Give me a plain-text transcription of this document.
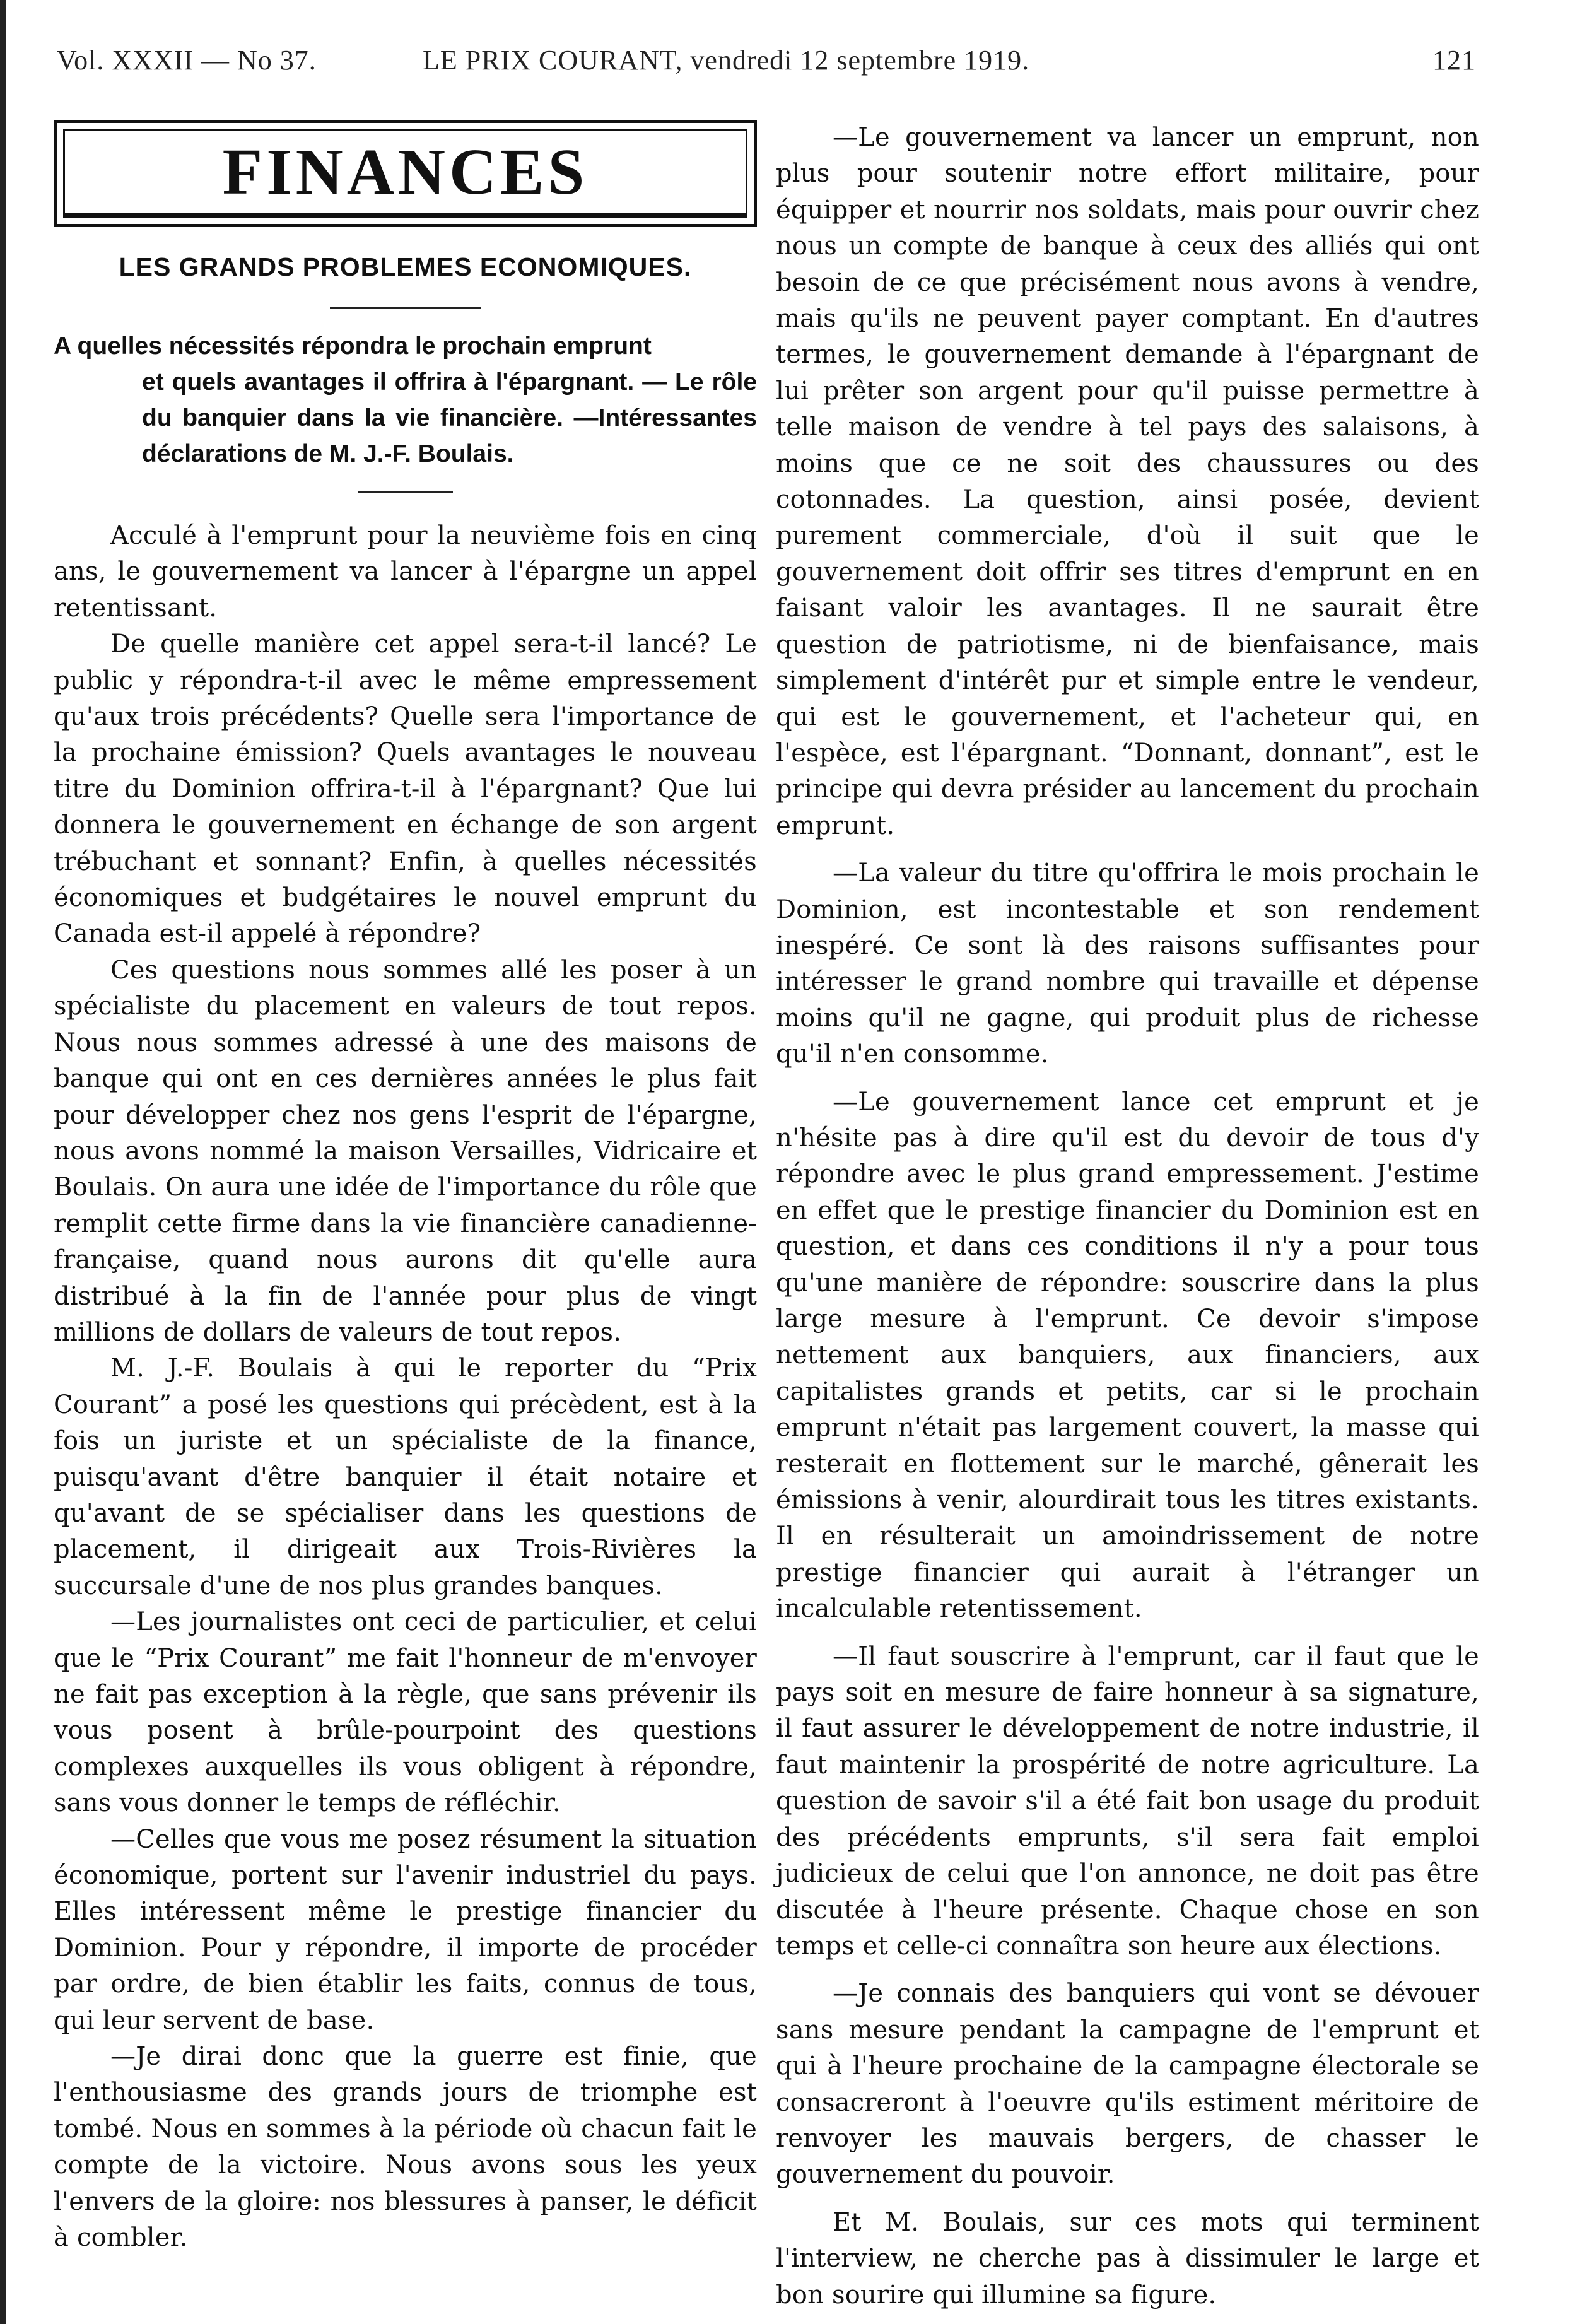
Vol. XXXII — No 37.	LE PRIX COURANT, vendredi 12 septembre 1919.	121
FINANCES
LES GRANDS PROBLEMES ECONOMIQUES.
A quelles nécessités répondra le prochain emprunt
et quels avantages il offrira à l'épargnant. — Le rôle du banquier dans la vie financière. —Intéressantes déclarations de M. J.-F. Boulais.

Acculé à l'emprunt pour la neuvième fois en cinq ans, le gouvernement va lancer à l'épargne un appel retentissant.

De quelle manière cet appel sera-t-il lancé? Le public y répondra-t-il avec le même empressement qu'aux trois précédents? Quelle sera l'importance de la prochaine émission? Quels avantages le nouveau titre du Dominion offrira-t-il à l'épargnant? Que lui donnera le gouvernement en échange de son argent trébuchant et sonnant? Enfin, à quelles nécessités économiques et budgétaires le nouvel emprunt du Canada est-il appelé à répondre?

Ces questions nous sommes allé les poser à un spécialiste du placement en valeurs de tout repos. Nous nous sommes adressé à une des maisons de banque qui ont en ces dernières années le plus fait pour développer chez nos gens l'esprit de l'épargne, nous avons nommé la maison Versailles, Vidricaire et Boulais. On aura une idée de l'importance du rôle que remplit cette firme dans la vie financière canadienne-française, quand nous aurons dit qu'elle aura distribué à la fin de l'année pour plus de vingt millions de dollars de valeurs de tout repos.

M. J.-F. Boulais à qui le reporter du “Prix Courant” a posé les questions qui précèdent, est à la fois un juriste et un spécialiste de la finance, puisqu'avant d'être banquier il était notaire et qu'avant de se spécialiser dans les questions de placement, il dirigeait aux Trois-Rivières la succursale d'une de nos plus grandes banques.

—Les journalistes ont ceci de particulier, et celui que le “Prix Courant” me fait l'honneur de m'envoyer ne fait pas exception à la règle, que sans prévenir ils vous posent à brûle-pourpoint des questions complexes auxquelles ils vous obligent à répondre, sans vous donner le temps de réfléchir.

—Celles que vous me posez résument la situation économique, portent sur l'avenir industriel du pays. Elles intéressent même le prestige financier du Dominion. Pour y répondre, il importe de procéder par ordre, de bien établir les faits, connus de tous, qui leur servent de base.

—Je dirai donc que la guerre est finie, que l'enthousiasme des grands jours de triomphe est tombé. Nous en sommes à la période où chacun fait le compte de la victoire. Nous avons sous les yeux l'envers de la gloire: nos blessures à panser, le déficit à combler.

—Le gouvernement va lancer un emprunt, non plus pour soutenir notre effort militaire, pour équipper et nourrir nos soldats, mais pour ouvrir chez nous un compte de banque à ceux des alliés qui ont besoin de ce que précisément nous avons à vendre, mais qu'ils ne peuvent payer comptant. En d'autres termes, le gouvernement demande à l'épargnant de lui prêter son argent pour qu'il puisse permettre à telle maison de vendre à tel pays des salaisons, à moins que ce ne soit des chaussures ou des cotonnades. La question, ainsi posée, devient purement commerciale, d'où il suit que le gouvernement doit offrir ses titres d'emprunt en en faisant valoir les avantages. Il ne saurait être question de patriotisme, ni de bienfaisance, mais simplement d'intérêt pur et simple entre le vendeur, qui est le gouvernement, et l'acheteur qui, en l'espèce, est l'épargnant. “Donnant, donnant”, est le principe qui devra présider au lancement du prochain emprunt.

—La valeur du titre qu'offrira le mois prochain le Dominion, est incontestable et son rendement inespéré. Ce sont là des raisons suffisantes pour intéresser le grand nombre qui travaille et dépense moins qu'il ne gagne, qui produit plus de richesse qu'il n'en consomme.

—Le gouvernement lance cet emprunt et je n'hésite pas à dire qu'il est du devoir de tous d'y répondre avec le plus grand empressement. J'estime en effet que le prestige financier du Dominion est en question, et dans ces conditions il n'y a pour tous qu'une manière de répondre: souscrire dans la plus large mesure à l'emprunt. Ce devoir s'impose nettement aux banquiers, aux financiers, aux capitalistes grands et petits, car si le prochain emprunt n'était pas largement couvert, la masse qui resterait en flottement sur le marché, gênerait les émissions à venir, alourdirait tous les titres existants. Il en résulterait un amoindrissement de notre prestige financier qui aurait à l'étranger un incalculable retentissement.

—Il faut souscrire à l'emprunt, car il faut que le pays soit en mesure de faire honneur à sa signature, il faut assurer le développement de notre industrie, il faut maintenir la prospérité de notre agriculture. La question de savoir s'il a été fait bon usage du produit des précédents emprunts, s'il sera fait emploi judicieux de celui que l'on annonce, ne doit pas être discutée à l'heure présente. Chaque chose en son temps et celle-ci connaîtra son heure aux élections.

—Je connais des banquiers qui vont se dévouer sans mesure pendant la campagne de l'emprunt et qui à l'heure prochaine de la campagne électorale se consacreront à l'oeuvre qu'ils estiment méritoire de renvoyer les mauvais bergers, de chasser le gouvernement du pouvoir.

Et M. Boulais, sur ces mots qui terminent l'interview, ne cherche pas à dissimuler le large et bon sourire qui illumine sa figure.
